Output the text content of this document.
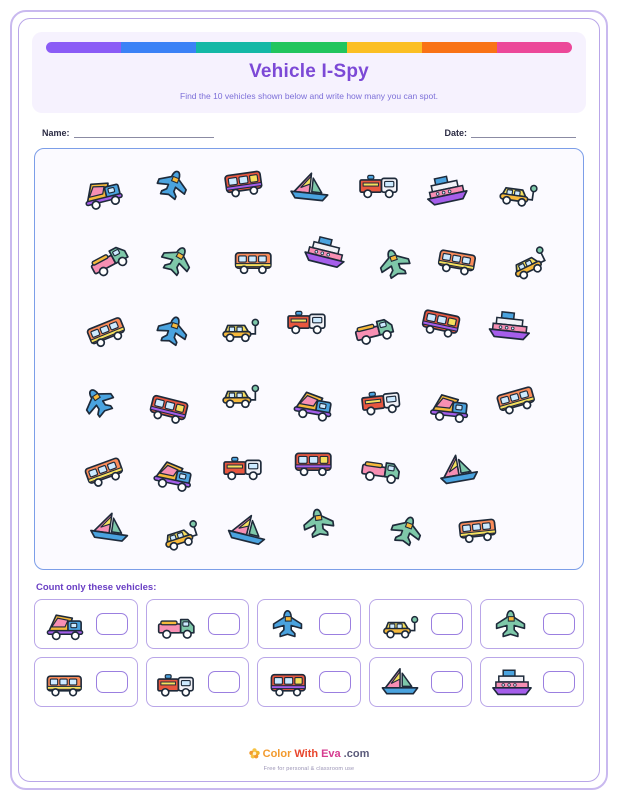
Vehicle I-Spy
Find the 10 vehicles shown below and write how many you can spot.
Name:	Date:
Count only these vehicles:
Color With Eva .com
Free for personal & classroom use
